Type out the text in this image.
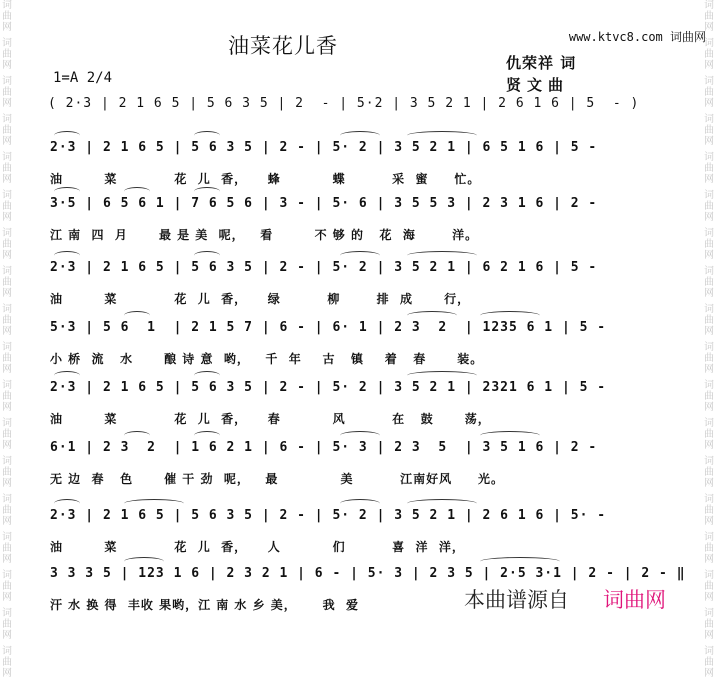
词曲网
词曲网
词曲网
词曲网
词曲网
词曲网
词曲网
词曲网
词曲网
词曲网
词曲网
词曲网
词曲网
词曲网
词曲网
词曲网
词曲网
词曲网
词曲网
词曲网
词曲网
词曲网
词曲网
词曲网
词曲网
词曲网
词曲网
词曲网
词曲网
词曲网
词曲网
词曲网
词曲网
词曲网
词曲网
词曲网
www.ktvc8.com 词曲网
油菜花儿香
1=A 2/4
仇荣祥 词
贤文曲
( 2·3 | 2 1 6 5 | 5 6 3 5 | 2  - | 5·2 | 3 5 2 1 | 2 6 1 6 | 5  - )
2·3 | 2 1 6 5 | 5 6 3 5 | 2 - | 5· 2 | 3 5 2 1 | 6 5 1 6 | 5 -
油        菜           花  儿  香，    蜂          蝶         采  蜜     忙。
3·5 | 6 5 6 1 | 7 6 5 6 | 3 - | 5· 6 | 3 5 5 3 | 2 3 1 6 | 2 -
江 南  四  月      最 是 美  呢，   看        不 够 的   花  海       洋。
2·3 | 2 1 6 5 | 5 6 3 5 | 2 - | 5· 2 | 3 5 2 1 | 6 2 1 6 | 5 -
油        菜           花  儿  香，    绿         柳       排  成      行，
5·3 | 5 6  1  | 2 1 5 7 | 6 - | 6· 1 | 2 3  2  | 1235 6 1 | 5 -
小 桥  流   水      酿 诗 意  哟，   千  年    古   镇    着   春      装。
2·3 | 2 1 6 5 | 5 6 3 5 | 2 - | 5· 2 | 3 5 2 1 | 2321 6 1 | 5 -
油        菜           花  儿  香，    春          风         在   鼓      荡，
6·1 | 2 3  2  | 1 6 2 1 | 6 - | 5· 3 | 2 3  5  | 3 5 1 6 | 2 -
无 边  春   色      催 干 劲  呢，   最            美         江南好风     光。
2·3 | 2 1 6 5 | 5 6 3 5 | 2 - | 5· 2 | 3 5 2 1 | 2 6 1 6 | 5· -
油        菜           花  儿  香，    人          们         喜  洋  洋，
3 3 3 5 | 123 1 6 | 2 3 2 1 | 6 - | 5· 3 | 2 3 5 | 2·5 3·1 | 2 - | 2 - ‖
汗 水 换 得  丰收 果哟，江 南 水 乡 美，     我  爱	本曲谱源自 词曲网
